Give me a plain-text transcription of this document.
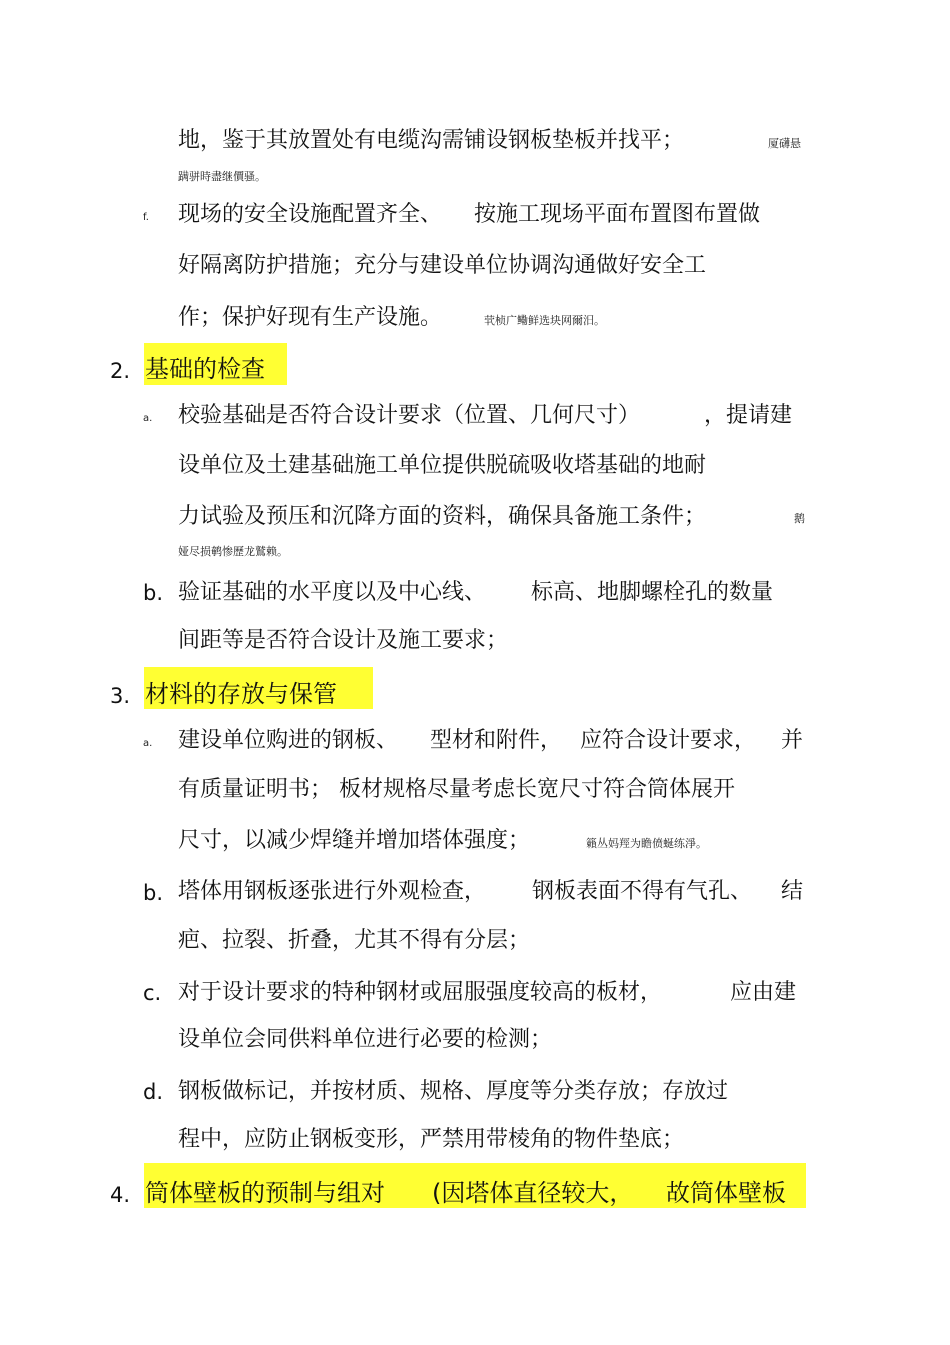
地，鉴于其放置处有电缆沟需铺设钢板垫板并找平；	厦礴悬
蹒骈時盡继價骚。
f. 现场的安全设施配置齐全、 按施工现场平面布置图布置做
好隔离防护措施；充分与建设单位协调沟通做好安全工
作；保护好现有生产设施。	茕桢广鳓鲜选块网爾汨。
2. 基础的检查
a. 校验基础是否符合设计要求（位置、几何尺寸）	，提请建
设单位及土建基础施工单位提供脱硫吸收塔基础的地耐
力试验及预压和沉降方面的资料，确保具备施工条件；	鹅
娅尽损鹌惨歷龙鷲赖。
b. 验证基础的水平度以及中心线、 标高、地脚螺栓孔的数量
间距等是否符合设计及施工要求；
3. 材料的存放与保管
a. 建设单位购进的钢板、 型材和附件， 应符合设计要求， 并
有质量证明书； 板材规格尽量考虑长宽尺寸符合筒体展开
尺寸，以减少焊缝并增加塔体强度；	籟丛妈羥为瞻偾蜒练淨。
b. 塔体用钢板逐张进行外观检查， 钢板表面不得有气孔、 结
疤、拉裂、折叠，尤其不得有分层；
c. 对于设计要求的特种钢材或屈服强度较高的板材，	应由建
设单位会同供料单位进行必要的检测；
d. 钢板做标记，并按材质、规格、厚度等分类存放；存放过
程中，应防止钢板变形，严禁用带棱角的物件垫底；
4. 筒体壁板的预制与组对 (因塔体直径较大， 故筒体壁板
